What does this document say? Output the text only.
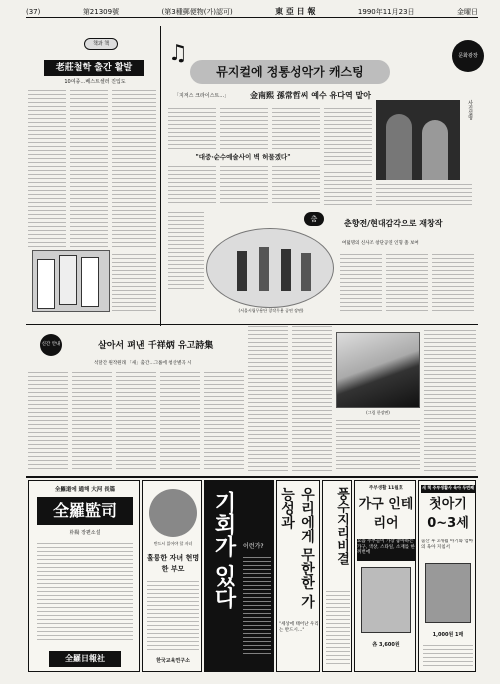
(37)	第21309號	(第3種郵便物(가)認可)	東 亞 日 報	1990年11月23日	金曜日
책과 책
老莊철학 출간 활발
10여종…베스트셀러 진입도
♫
뮤지컬에 정통성악가 캐스팅
「지저스 크라이스트…」	金南熙 孫常哲씨 예수 유다역 맡아
문화광장
"대중·순수예술사이 벽 허물겠다"
사진설명
춤	춘향전/현대감각으로 재창작
여덟명의 신사조 창단공연 인형 춤 보여
(서울시립무용단 창작무용 공연 장면)
신간 안내	살아서 펴낸 千祥炳 유고詩集
석달간 원작원래 「새」출간…그룹에 청산별곡 시
(그림 한장면)
全羅道에 通해 大河 長篇
全羅監司
朴陽 장편소설
全羅日報社
반드시 읽어야 할 자녀
훌륭한 자녀 현명한 부모
한국교육연구소
기회가 있다	이런가?	우리에게 무한한 가능성과
"세상에 태어난 우리는 반드시…"
풍수지리비결	주부생활 11월호
가구 인테리어
요즘 주부들이 가장 좋아하는 가구, 색상, 스타일, 소재를 한꺼번에
各 3,600원
새 책 주부생활사 육아 두번째
첫아기 0~3세
출산 후 3개월 아기와 엄마의 육아 지침서
1,000원 1매
